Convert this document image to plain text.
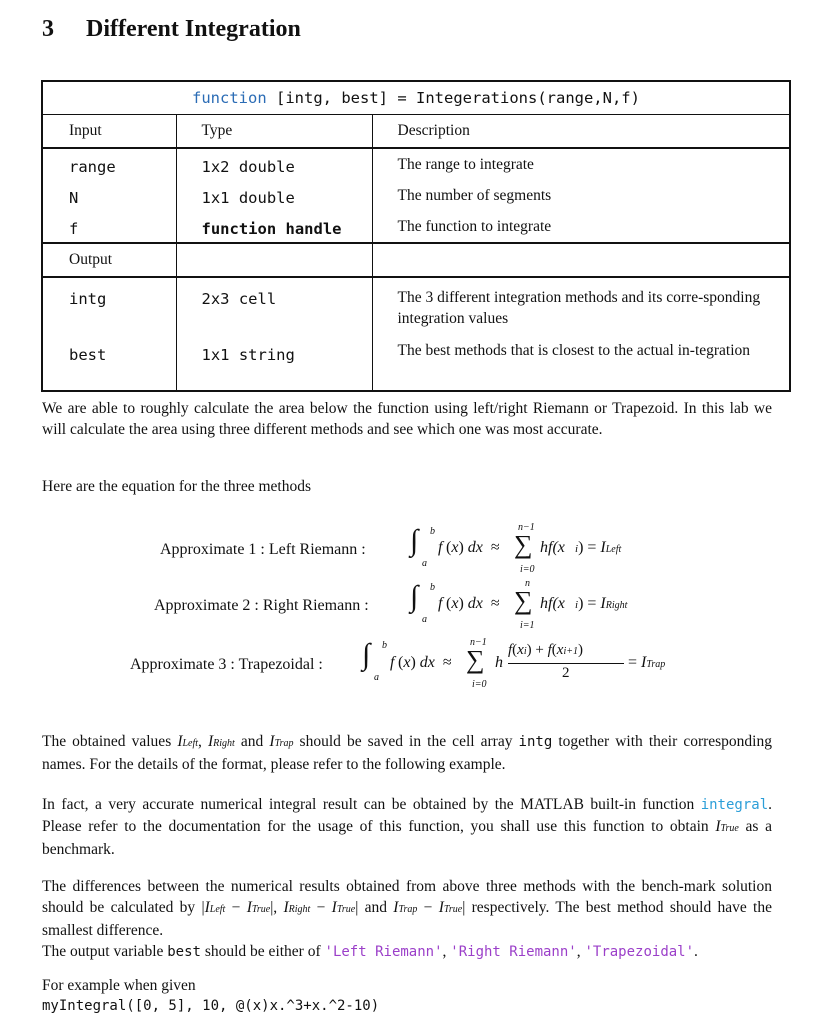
3 Different Integration
function [intg, best] = Integerations(range,N,f)		
Input	Type	Description
range	1x2 double	The range to integrate
N	1x1 double	The number of segments
f	function handle	The function to integrate
Output		
intg	2x3 cell	The 3 different integration methods and its corre-sponding integration values
best	1x1 string	The best methods that is closest to the actual in-tegration
We are able to roughly calculate the area below the function using left/right Riemann or Trapezoid. In this lab we will calculate the area using three different methods and see which one was most accurate.
Here are the equation for the three methods
Approximate 1 : Left Riemann : ∫ b
a
f (x) dx  ≈
n−1
∑
i=0
hf(x i) = ILeft
Approximate 2 : Right Riemann : ∫ b
a
f (x) dx  ≈
n
∑
i=1
hf(x i) = IRight
Approximate 3 : Trapezoidal : ∫ b
a
f (x) dx  ≈
n−1
∑
i=0
h
f(xi) + f(xi+1)
2
= ITrap
The obtained values ILeft, IRight and ITrap should be saved in the cell array intg together with their corresponding names. For the details of the format, please refer to the following example.
In fact, a very accurate numerical integral result can be obtained by the MATLAB built-in function integral. Please refer to the documentation for the usage of this function, you shall use this function to obtain ITrue as a benchmark.
The differences between the numerical results obtained from above three methods with the bench-mark solution should be calculated by |ILeft − ITrue|, IRight − ITrue| and ITrap − ITrue| respectively. The best method should have the smallest difference.
The output variable best should be either of 'Left Riemann', 'Right Riemann', 'Trapezoidal'.
For example when given
myIntegral([0, 5], 10, @(x)x.^3+x.^2-10)
